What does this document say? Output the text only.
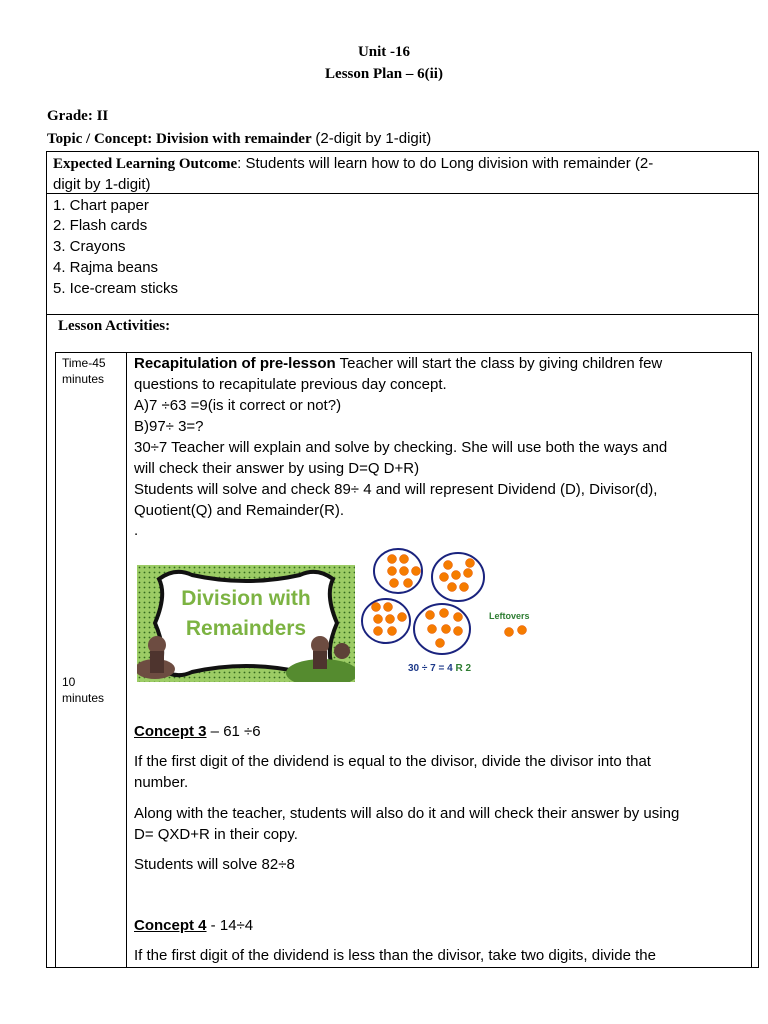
Unit -16
Lesson Plan – 6(ii)
Grade: II
Topic / Concept: Division with remainder (2-digit by 1-digit)
Expected Learning Outcome: Students will learn how to do Long division with remainder (2-
digit by 1-digit)
1. Chart paper
2. Flash cards
3. Crayons
4. Rajma beans
5. Ice-cream sticks
Lesson Activities:
Time-45
minutes
10
minutes
Recapitulation of pre-lesson Teacher will start the class by giving children few
questions to recapitulate previous day concept.
A)7 ÷63 =9(is it correct or not?)
B)97÷ 3=?
30÷7 Teacher will explain and solve by checking. She will use both the ways and
will check their answer by using D=Q D+R)
Students will solve and check 89÷ 4 and will represent Dividend (D), Divisor(d),
Quotient(Q) and Remainder(R).
.
Division with
Remainders
Leftovers
30 ÷ 7 = 4 R 2
Concept 3 – 61 ÷6
If the first digit of the dividend is equal to the divisor, divide the divisor into that
number.
Along with the teacher, students will also do it and will check their answer by using
D= QXD+R in their copy.
Students will solve 82÷8
Concept 4 - 14÷4
If the first digit of the dividend is less than the divisor, take two digits, divide the
